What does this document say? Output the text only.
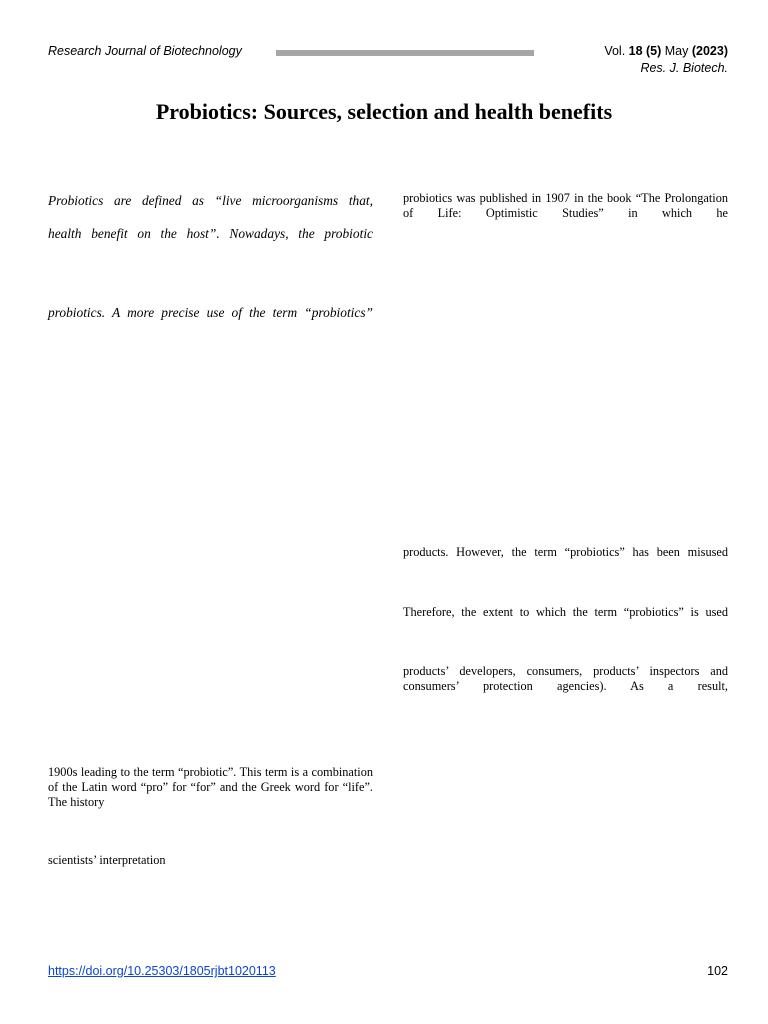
Research Journal of Biotechnology	Vol. 18 (5) May (2023)
Res. J. Biotech.
Probiotics: Sources, selection and health benefits
Probiotics are defined as “live microorganisms that,
health benefit on the host”. Nowadays, the probiotic
probiotics. A more precise use of the term “probiotics”
1900s leading to the term “probiotic”. This term is a combination of the Latin word “pro” for “for” and the Greek word for “life”. The history
scientists’ interpretation
probiotics was published in 1907 in the book “The Prolongation of Life: Optimistic Studies” in which he
products. However, the term “probiotics” has been misused
Therefore, the extent to which the term “probiotics” is used
products’ developers, consumers, products’ inspectors and consumers’ protection agencies). As a result,
https://doi.org/10.25303/1805rjbt1020113	102
